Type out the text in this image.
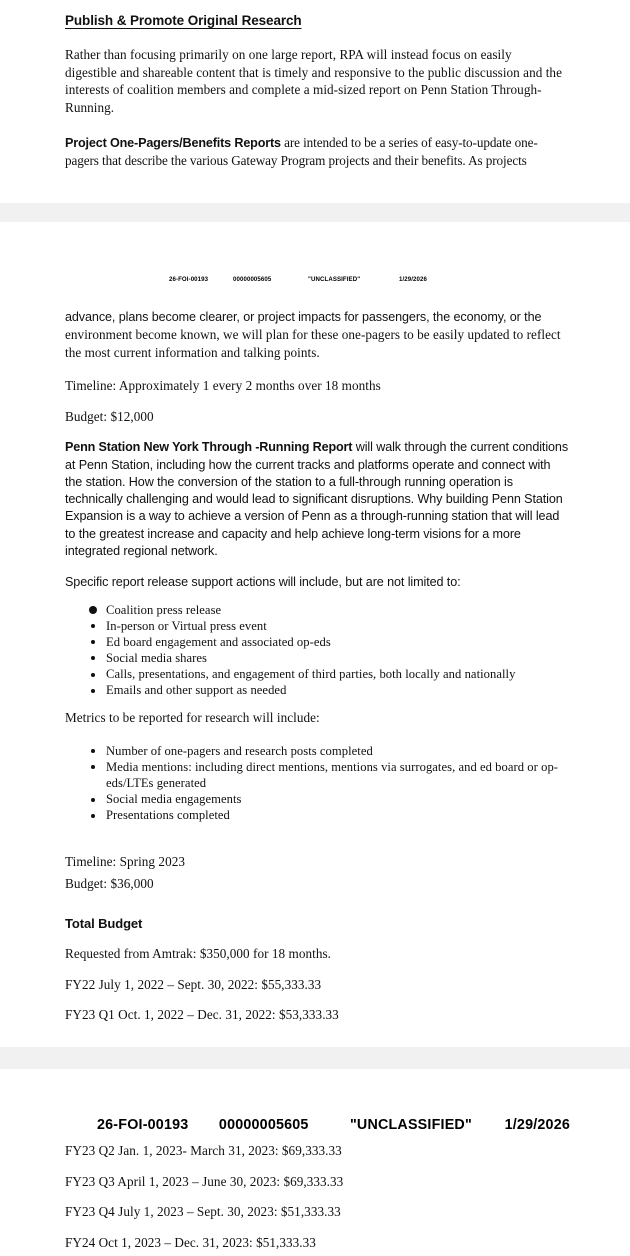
Publish & Promote Original Research

Rather than focusing primarily on one large report, RPA will instead focus on easily digestible and shareable content that is timely and responsive to the public discussion and the interests of coalition members and complete a mid-sized report on Penn Station Through-Running.

Project One-Pagers/Benefits Reports are intended to be a series of easy-to-update one-pagers that describe the various Gateway Program projects and their benefits. As projects

26-FOI-00193	00000005605	"UNCLASSIFIED"	1/29/2026

advance, plans become clearer, or project impacts for passengers, the economy, or the

environment become known, we will plan for these one-pagers to be easily updated to reflect the most current information and talking points.

Timeline: Approximately 1 every 2 months over 18 months

Budget: $12,000

Penn Station New York Through -Running Report will walk through the current conditions at Penn Station, including how the current tracks and platforms operate and connect with the station. How the conversion of the station to a full-through running operation is technically challenging and would lead to significant disruptions. Why building Penn Station Expansion is a way to achieve a version of Penn as a through-running station that will lead to the greatest increase and capacity and help achieve long-term visions for a more integrated regional network.

Specific report release support actions will include, but are not limited to:

Coalition press release
In-person or Virtual press event
Ed board engagement and associated op-eds
Social media shares
Calls, presentations, and engagement of third parties, both locally and nationally
Emails and other support as needed

Metrics to be reported for research will include:

Number of one-pagers and research posts completed
Media mentions: including direct mentions, mentions via surrogates, and ed board or op-eds/LTEs generated
Social media engagements
Presentations completed

Timeline: Spring 2023

Budget: $36,000

Total Budget

Requested from Amtrak: $350,000 for 18 months.

FY22 July 1, 2022 – Sept. 30, 2022: $55,333.33

FY23 Q1 Oct. 1, 2022 – Dec. 31, 2022: $53,333.33

26-FOI-00193	00000005605	"UNCLASSIFIED"	1/29/2026

FY23 Q2 Jan. 1, 2023- March 31, 2023: $69,333.33

FY23 Q3 April 1, 2023 – June 30, 2023: $69,333.33

FY23 Q4 July 1, 2023 – Sept. 30, 2023: $51,333.33

FY24 Oct 1, 2023 – Dec. 31, 2023: $51,333.33
